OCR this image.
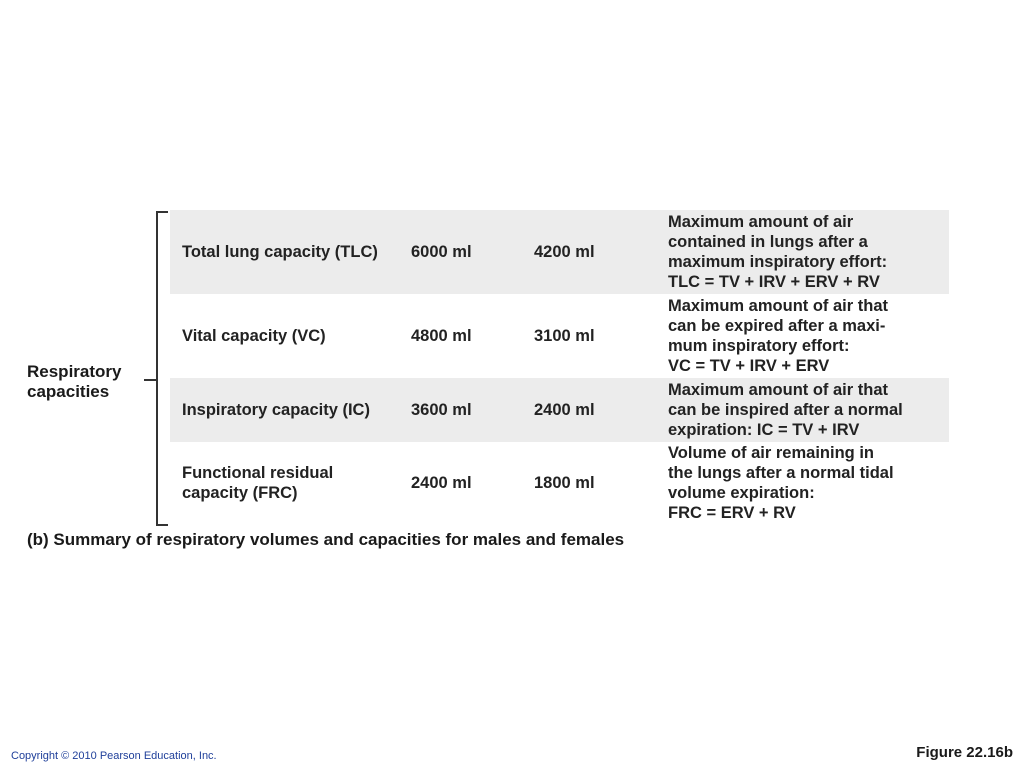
Respiratory
capacities
Total lung capacity (TLC)	6000 ml	4200 ml
Maximum amount of air
contained in lungs after a
maximum inspiratory effort:
TLC = TV + IRV + ERV + RV
Vital capacity (VC)	4800 ml	3100 ml
Maximum amount of air that
can be expired after a maxi-
mum inspiratory effort:
VC = TV + IRV + ERV
Inspiratory capacity (IC)	3600 ml	2400 ml
Maximum amount of air that
can be inspired after a normal
expiration: IC = TV + IRV
Functional residual
capacity (FRC)
2400 ml	1800 ml
Volume of air remaining in
the lungs after a normal tidal
volume expiration:
FRC = ERV + RV
(b) Summary of respiratory volumes and capacities for males and females
Copyright © 2010 Pearson Education, Inc.	Figure 22.16b
